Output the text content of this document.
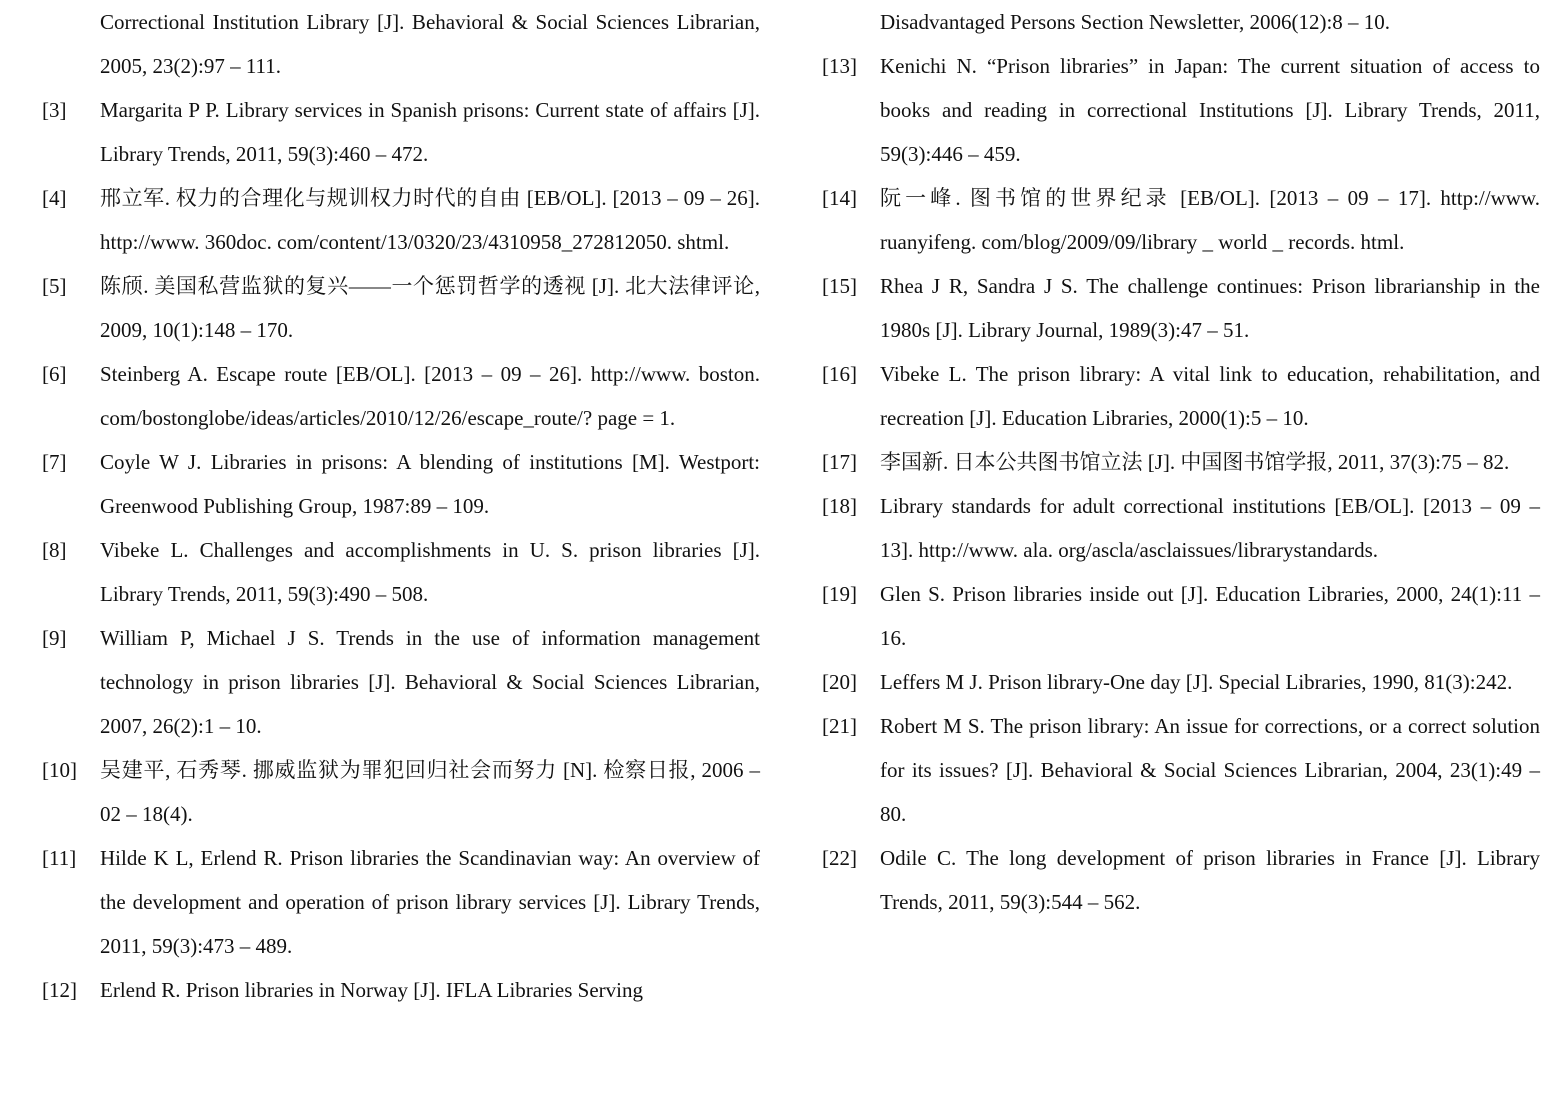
Correctional Institution Library [J]. Behavioral & Social Sciences Librarian, 2005, 23(2):97 – 111.
[3] Margarita P P. Library services in Spanish prisons: Current state of affairs [J]. Library Trends, 2011, 59(3):460 – 472.
[4] 邢立军. 权力的合理化与规训权力时代的自由 [EB/OL]. [2013 – 09 – 26]. http://www. 360doc. com/content/13/0320/23/4310958_272812050. shtml.
[5] 陈颀. 美国私营监狱的复兴——一个惩罚哲学的透视 [J]. 北大法律评论, 2009, 10(1):148 – 170.
[6] Steinberg A. Escape route [EB/OL]. [2013 – 09 – 26]. http://www. boston. com/bostonglobe/ideas/articles/2010/12/26/escape_route/? page = 1.
[7] Coyle W J. Libraries in prisons: A blending of institutions [M]. Westport: Greenwood Publishing Group, 1987:89 – 109.
[8] Vibeke L. Challenges and accomplishments in U. S. prison libraries [J]. Library Trends, 2011, 59(3):490 – 508.
[9] William P, Michael J S. Trends in the use of information management technology in prison libraries [J]. Behavioral & Social Sciences Librarian, 2007, 26(2):1 – 10.
[10] 吴建平, 石秀琴. 挪威监狱为罪犯回归社会而努力 [N]. 检察日报, 2006 – 02 – 18(4).
[11] Hilde K L, Erlend R. Prison libraries the Scandinavian way: An overview of the development and operation of prison library services [J]. Library Trends, 2011, 59(3):473 – 489.
[12] Erlend R. Prison libraries in Norway [J]. IFLA Libraries Serving
Disadvantaged Persons Section Newsletter, 2006(12):8 – 10.
[13] Kenichi N. “Prison libraries” in Japan: The current situation of access to books and reading in correctional Institutions [J]. Library Trends, 2011, 59(3):446 – 459.
[14] 阮一峰. 图书馆的世界纪录 [EB/OL]. [2013 – 09 – 17]. http://www. ruanyifeng. com/blog/2009/09/library _ world _ records. html.
[15] Rhea J R, Sandra J S. The challenge continues: Prison librarianship in the 1980s [J]. Library Journal, 1989(3):47 – 51.
[16] Vibeke L. The prison library: A vital link to education, rehabilitation, and recreation [J]. Education Libraries, 2000(1):5 – 10.
[17] 李国新. 日本公共图书馆立法 [J]. 中国图书馆学报, 2011, 37(3):75 – 82.
[18] Library standards for adult correctional institutions [EB/OL]. [2013 – 09 – 13]. http://www. ala. org/ascla/asclaissues/librarystandards.
[19] Glen S. Prison libraries inside out [J]. Education Libraries, 2000, 24(1):11 – 16.
[20] Leffers M J. Prison library-One day [J]. Special Libraries, 1990, 81(3):242.
[21] Robert M S. The prison library: An issue for corrections, or a correct solution for its issues? [J]. Behavioral & Social Sciences Librarian, 2004, 23(1):49 – 80.
[22] Odile C. The long development of prison libraries in France [J]. Library Trends, 2011, 59(3):544 – 562.
